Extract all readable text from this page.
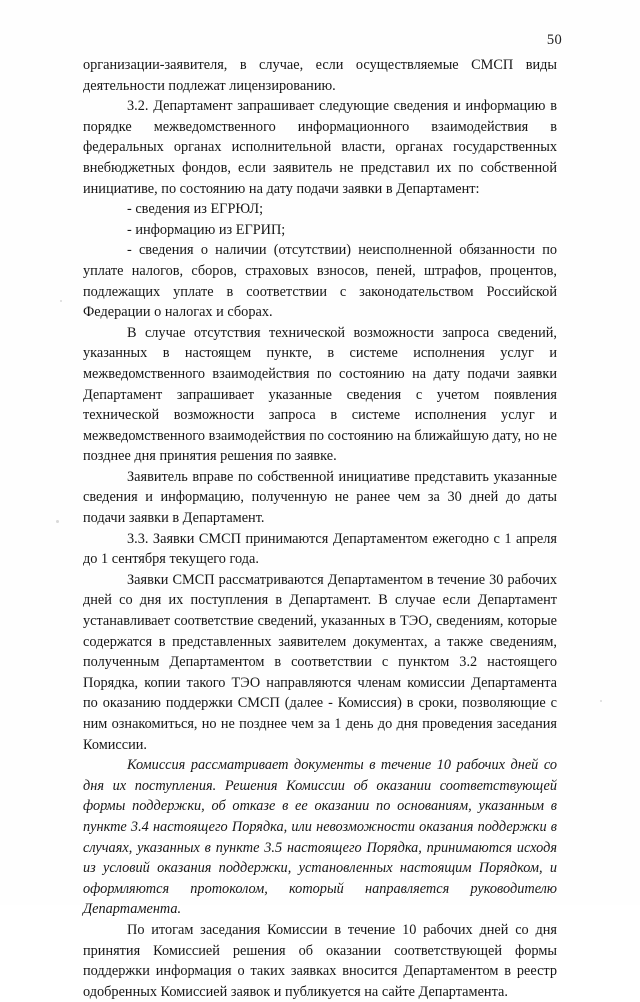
50

организации-заявителя, в случае, если осуществляемые СМСП виды деятельности подлежат лицензированию.

3.2. Департамент запрашивает следующие сведения и информацию в порядке межведомственного информационного взаимодействия в федеральных органах исполнительной власти, органах государственных внебюджетных фондов, если заявитель не представил их по собственной инициативе, по состоянию на дату подачи заявки в Департамент:

- сведения из ЕГРЮЛ;

- информацию из ЕГРИП;

- сведения о наличии (отсутствии) неисполненной обязанности по уплате налогов, сборов, страховых взносов, пеней, штрафов, процентов, подлежащих уплате в соответствии с законодательством Российской Федерации о налогах и сборах.

В случае отсутствия технической возможности запроса сведений, указанных в настоящем пункте, в системе исполнения услуг и межведомственного взаимодействия по состоянию на дату подачи заявки Департамент запрашивает указанные сведения с учетом появления технической возможности запроса в системе исполнения услуг и межведомственного взаимодействия по состоянию на ближайшую дату, но не позднее дня принятия решения по заявке.

Заявитель вправе по собственной инициативе представить указанные сведения и информацию, полученную не ранее чем за 30 дней до даты подачи заявки в Департамент.

3.3. Заявки СМСП принимаются Департаментом ежегодно с 1 апреля до 1 сентября текущего года.

Заявки СМСП рассматриваются Департаментом в течение 30 рабочих дней со дня их поступления в Департамент. В случае если Департамент устанавливает соответствие сведений, указанных в ТЭО, сведениям, которые содержатся в представленных заявителем документах, а также сведениям, полученным Департаментом в соответствии с пунктом 3.2 настоящего Порядка, копии такого ТЭО направляются членам комиссии Департамента по оказанию поддержки СМСП (далее - Комиссия) в сроки, позволяющие с ним ознакомиться, но не позднее чем за 1 день до дня проведения заседания Комиссии.

Комиссия рассматривает документы в течение 10 рабочих дней со дня их поступления. Решения Комиссии об оказании соответствующей формы поддержки, об отказе в ее оказании по основаниям, указанным в пункте 3.4 настоящего Порядка, или невозможности оказания поддержки в случаях, указанных в пункте 3.5 настоящего Порядка, принимаются исходя из условий оказания поддержки, установленных настоящим Порядком, и оформляются протоколом, который направляется руководителю Департамента.

По итогам заседания Комиссии в течение 10 рабочих дней со дня принятия Комиссией решения об оказании соответствующей формы поддержки информация о таких заявках вносится Департаментом в реестр одобренных Комиссией заявок и публикуется на сайте Департамента.
